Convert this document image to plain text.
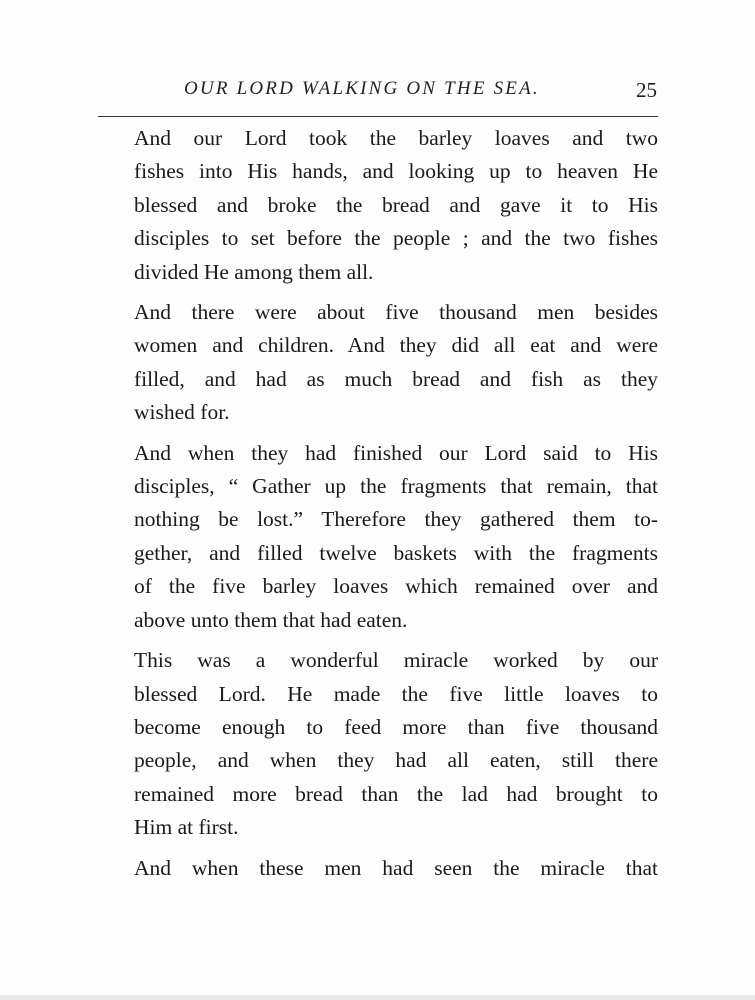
OUR LORD WALKING ON THE SEA.	25
And our Lord took the barley loaves and two
fishes into His hands, and looking up to heaven He
blessed and broke the bread and gave it to His
disciples to set before the people ; and the two fishes
divided He among them all.
And there were about five thousand men besides
women and children. And they did all eat and were
filled, and had as much bread and fish as they
wished for.
And when they had finished our Lord said to His
disciples, “ Gather up the fragments that remain, that
nothing be lost.” Therefore they gathered them to-
gether, and filled twelve baskets with the fragments
of the five barley loaves which remained over and
above unto them that had eaten.
This was a wonderful miracle worked by our
blessed Lord. He made the five little loaves to
become enough to feed more than five thousand
people, and when they had all eaten, still there
remained more bread than the lad had brought to
Him at first.
And when these men had seen the miracle that
